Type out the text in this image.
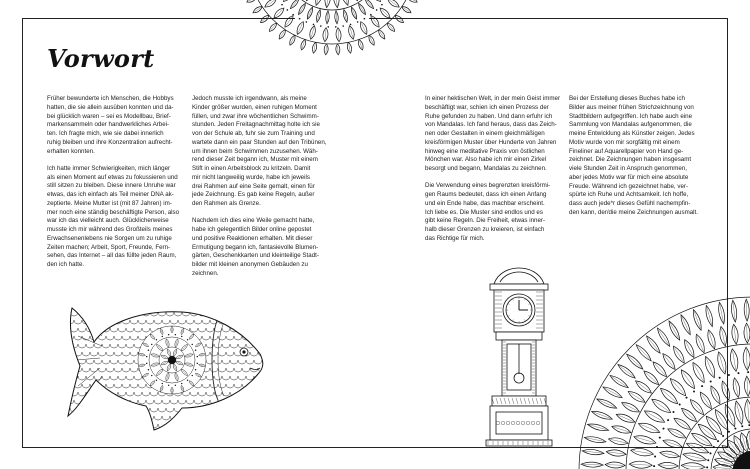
Vorwort

Früher bewunderte ich Menschen, die Hobbys
hatten, die sie allein ausüben konnten und da-
bei glücklich waren – sei es Modellbau, Brief-
markensammeln oder handwerkliches Arbei-
ten. Ich fragte mich, wie sie dabei innerlich
ruhig bleiben und ihre Konzentration aufrecht-
erhalten konnten.

Ich hatte immer Schwierigkeiten, mich länger
als einen Moment auf etwas zu fokussieren und
still sitzen zu bleiben. Diese innere Unruhe war
etwas, das ich einfach als Teil meiner DNA ak-
zeptierte. Meine Mutter ist (mit 87 Jahren) im-
mer noch eine ständig beschäftigte Person, also
war ich das vielleicht auch. Glücklicherweise
musste ich mir während des Großteils meines
Erwachsenenlebens nie Sorgen um zu ruhige
Zeiten machen; Arbeit, Sport, Freunde, Fern-
sehen, das Internet – all das füllte jeden Raum,
den ich hatte.

Jedoch musste ich irgendwann, als meine
Kinder größer wurden, einen ruhigen Moment
füllen, und zwar ihre wöchentlichen Schwimm-
stunden. Jeden Freitagnachmittag holte ich sie
von der Schule ab, fuhr sie zum Training und
wartete dann ein paar Stunden auf den Tribünen,
um ihnen beim Schwimmen zuzusehen. Wäh-
rend dieser Zeit begann ich, Muster mit einem
Stift in einen Arbeitsblock zu kritzeln. Damit
mir nicht langweilig wurde, habe ich jeweils
drei Rahmen auf eine Seite gemalt, einen für
jede Zeichnung. Es gab keine Regeln, außer
den Rahmen als Grenze.

Nachdem ich dies eine Weile gemacht hatte,
habe ich gelegentlich Bilder online gepostet
und positive Reaktionen erhalten. Mit dieser
Ermutigung begann ich, fantasievolle Blumen-
gärten, Geschenkkarten und kleinteilige Stadt-
bilder mit kleinen anonymen Gebäuden zu
zeichnen.

In einer hektischen Welt, in der mein Geist immer
beschäftigt war, schien ich einen Prozess der
Ruhe gefunden zu haben. Und dann erfuhr ich
von Mandalas. Ich fand heraus, dass das Zeich-
nen oder Gestalten in einem gleichmäßigen
kreisförmigen Muster über Hunderte von Jahren
hinweg eine meditative Praxis von östlichen
Mönchen war. Also habe ich mir einen Zirkel
besorgt und begann, Mandalas zu zeichnen.

Die Verwendung eines begrenzten kreisförmi-
gen Raums bedeutet, dass ich einen Anfang
und ein Ende habe, das machbar erscheint.
Ich liebe es. Die Muster sind endlos und es
gibt keine Regeln. Die Freiheit, etwas inner-
halb dieser Grenzen zu kreieren, ist einfach
das Richtige für mich.

Bei der Erstellung dieses Buches habe ich
Bilder aus meiner frühen Strichzeichnung von
Stadtbildern aufgegriffen. Ich habe auch eine
Sammlung von Mandalas aufgenommen, die
meine Entwicklung als Künstler zeigen. Jedes
Motiv wurde von mir sorgfältig mit einem
Fineliner auf Aquarellpapier von Hand ge-
zeichnet. Die Zeichnungen haben insgesamt
viele Stunden Zeit in Anspruch genommen,
aber jedes Motiv war für mich eine absolute
Freude. Während ich gezeichnet habe, ver-
spürte ich Ruhe und Achtsamkeit. Ich hoffe,
dass auch jede*r dieses Gefühl nachempfin-
den kann, der/die meine Zeichnungen ausmalt.
